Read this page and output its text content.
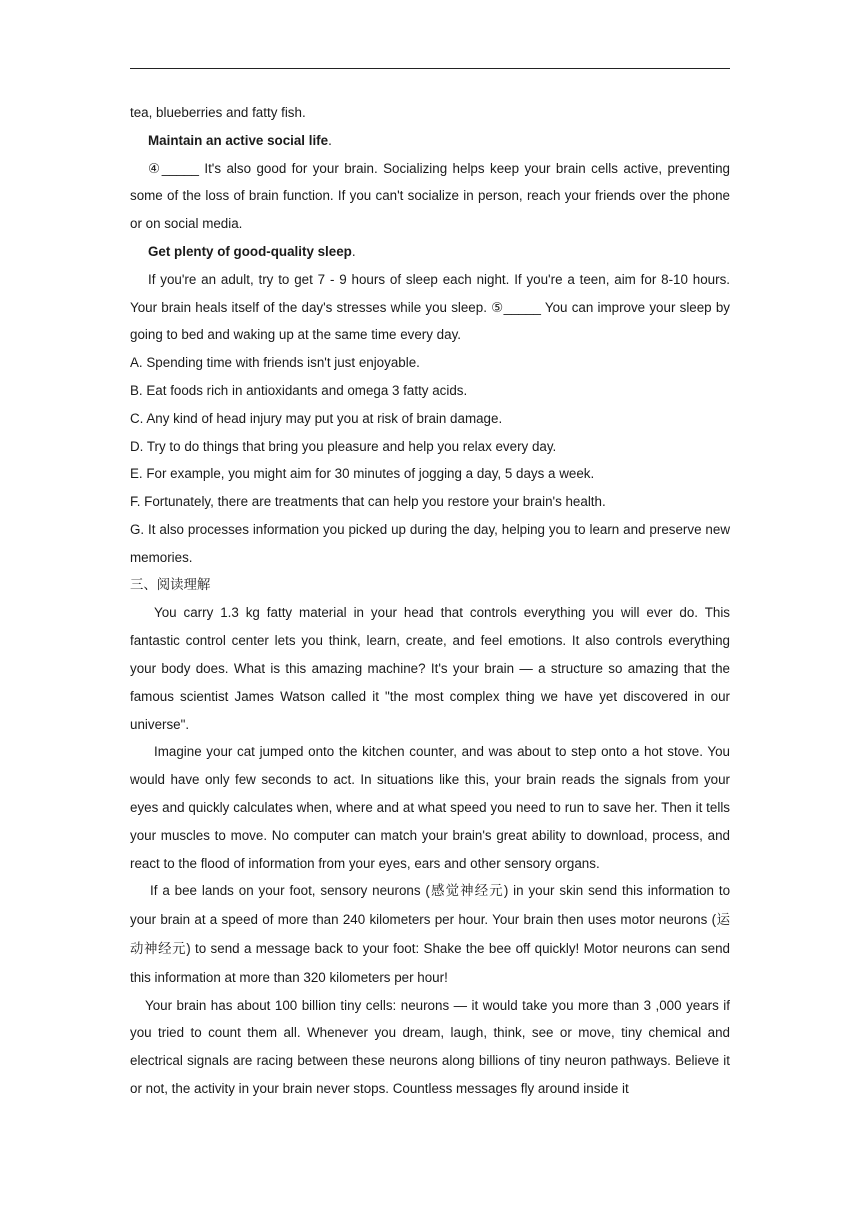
tea, blueberries and fatty fish.

Maintain an active social life.

④_____ It's also good for your brain. Socializing helps keep your brain cells active, preventing some of the loss of brain function. If you can't socialize in person, reach your friends over the phone or on social media.

Get plenty of good-quality sleep.

If you're an adult, try to get 7 - 9 hours of sleep each night. If you're a teen, aim for 8-10 hours. Your brain heals itself of the day's stresses while you sleep. ⑤_____ You can improve your sleep by going to bed and waking up at the same time every day.

A. Spending time with friends isn't just enjoyable.

B. Eat foods rich in antioxidants and omega 3 fatty acids.

C. Any kind of head injury may put you at risk of brain damage.

D. Try to do things that bring you pleasure and help you relax every day.

E. For example, you might aim for 30 minutes of jogging a day, 5 days a week.

F. Fortunately, there are treatments that can help you restore your brain's health.

G. It also processes information you picked up during the day, helping you to learn and preserve new memories.

三、阅读理解

You carry 1.3 kg fatty material in your head that controls everything you will ever do. This fantastic control center lets you think, learn, create, and feel emotions. It also controls everything your body does. What is this amazing machine? It's your brain — a structure so amazing that the famous scientist James Watson called it "the most complex thing we have yet discovered in our universe".

Imagine your cat jumped onto the kitchen counter, and was about to step onto a hot stove. You would have only few seconds to act. In situations like this, your brain reads the signals from your eyes and quickly calculates when, where and at what speed you need to run to save her. Then it tells your muscles to move. No computer can match your brain's great ability to download, process, and react to the flood of information from your eyes, ears and other sensory organs.

If a bee lands on your foot, sensory neurons (感觉神经元) in your skin send this information to your brain at a speed of more than 240 kilometers per hour. Your brain then uses motor neurons (运动神经元) to send a message back to your foot: Shake the bee off quickly! Motor neurons can send this information at more than 320 kilometers per hour!

Your brain has about 100 billion tiny cells: neurons — it would take you more than 3 ,000 years if you tried to count them all. Whenever you dream, laugh, think, see or move, tiny chemical and electrical signals are racing between these neurons along billions of tiny neuron pathways. Believe it or not, the activity in your brain never stops. Countless messages fly around inside it
